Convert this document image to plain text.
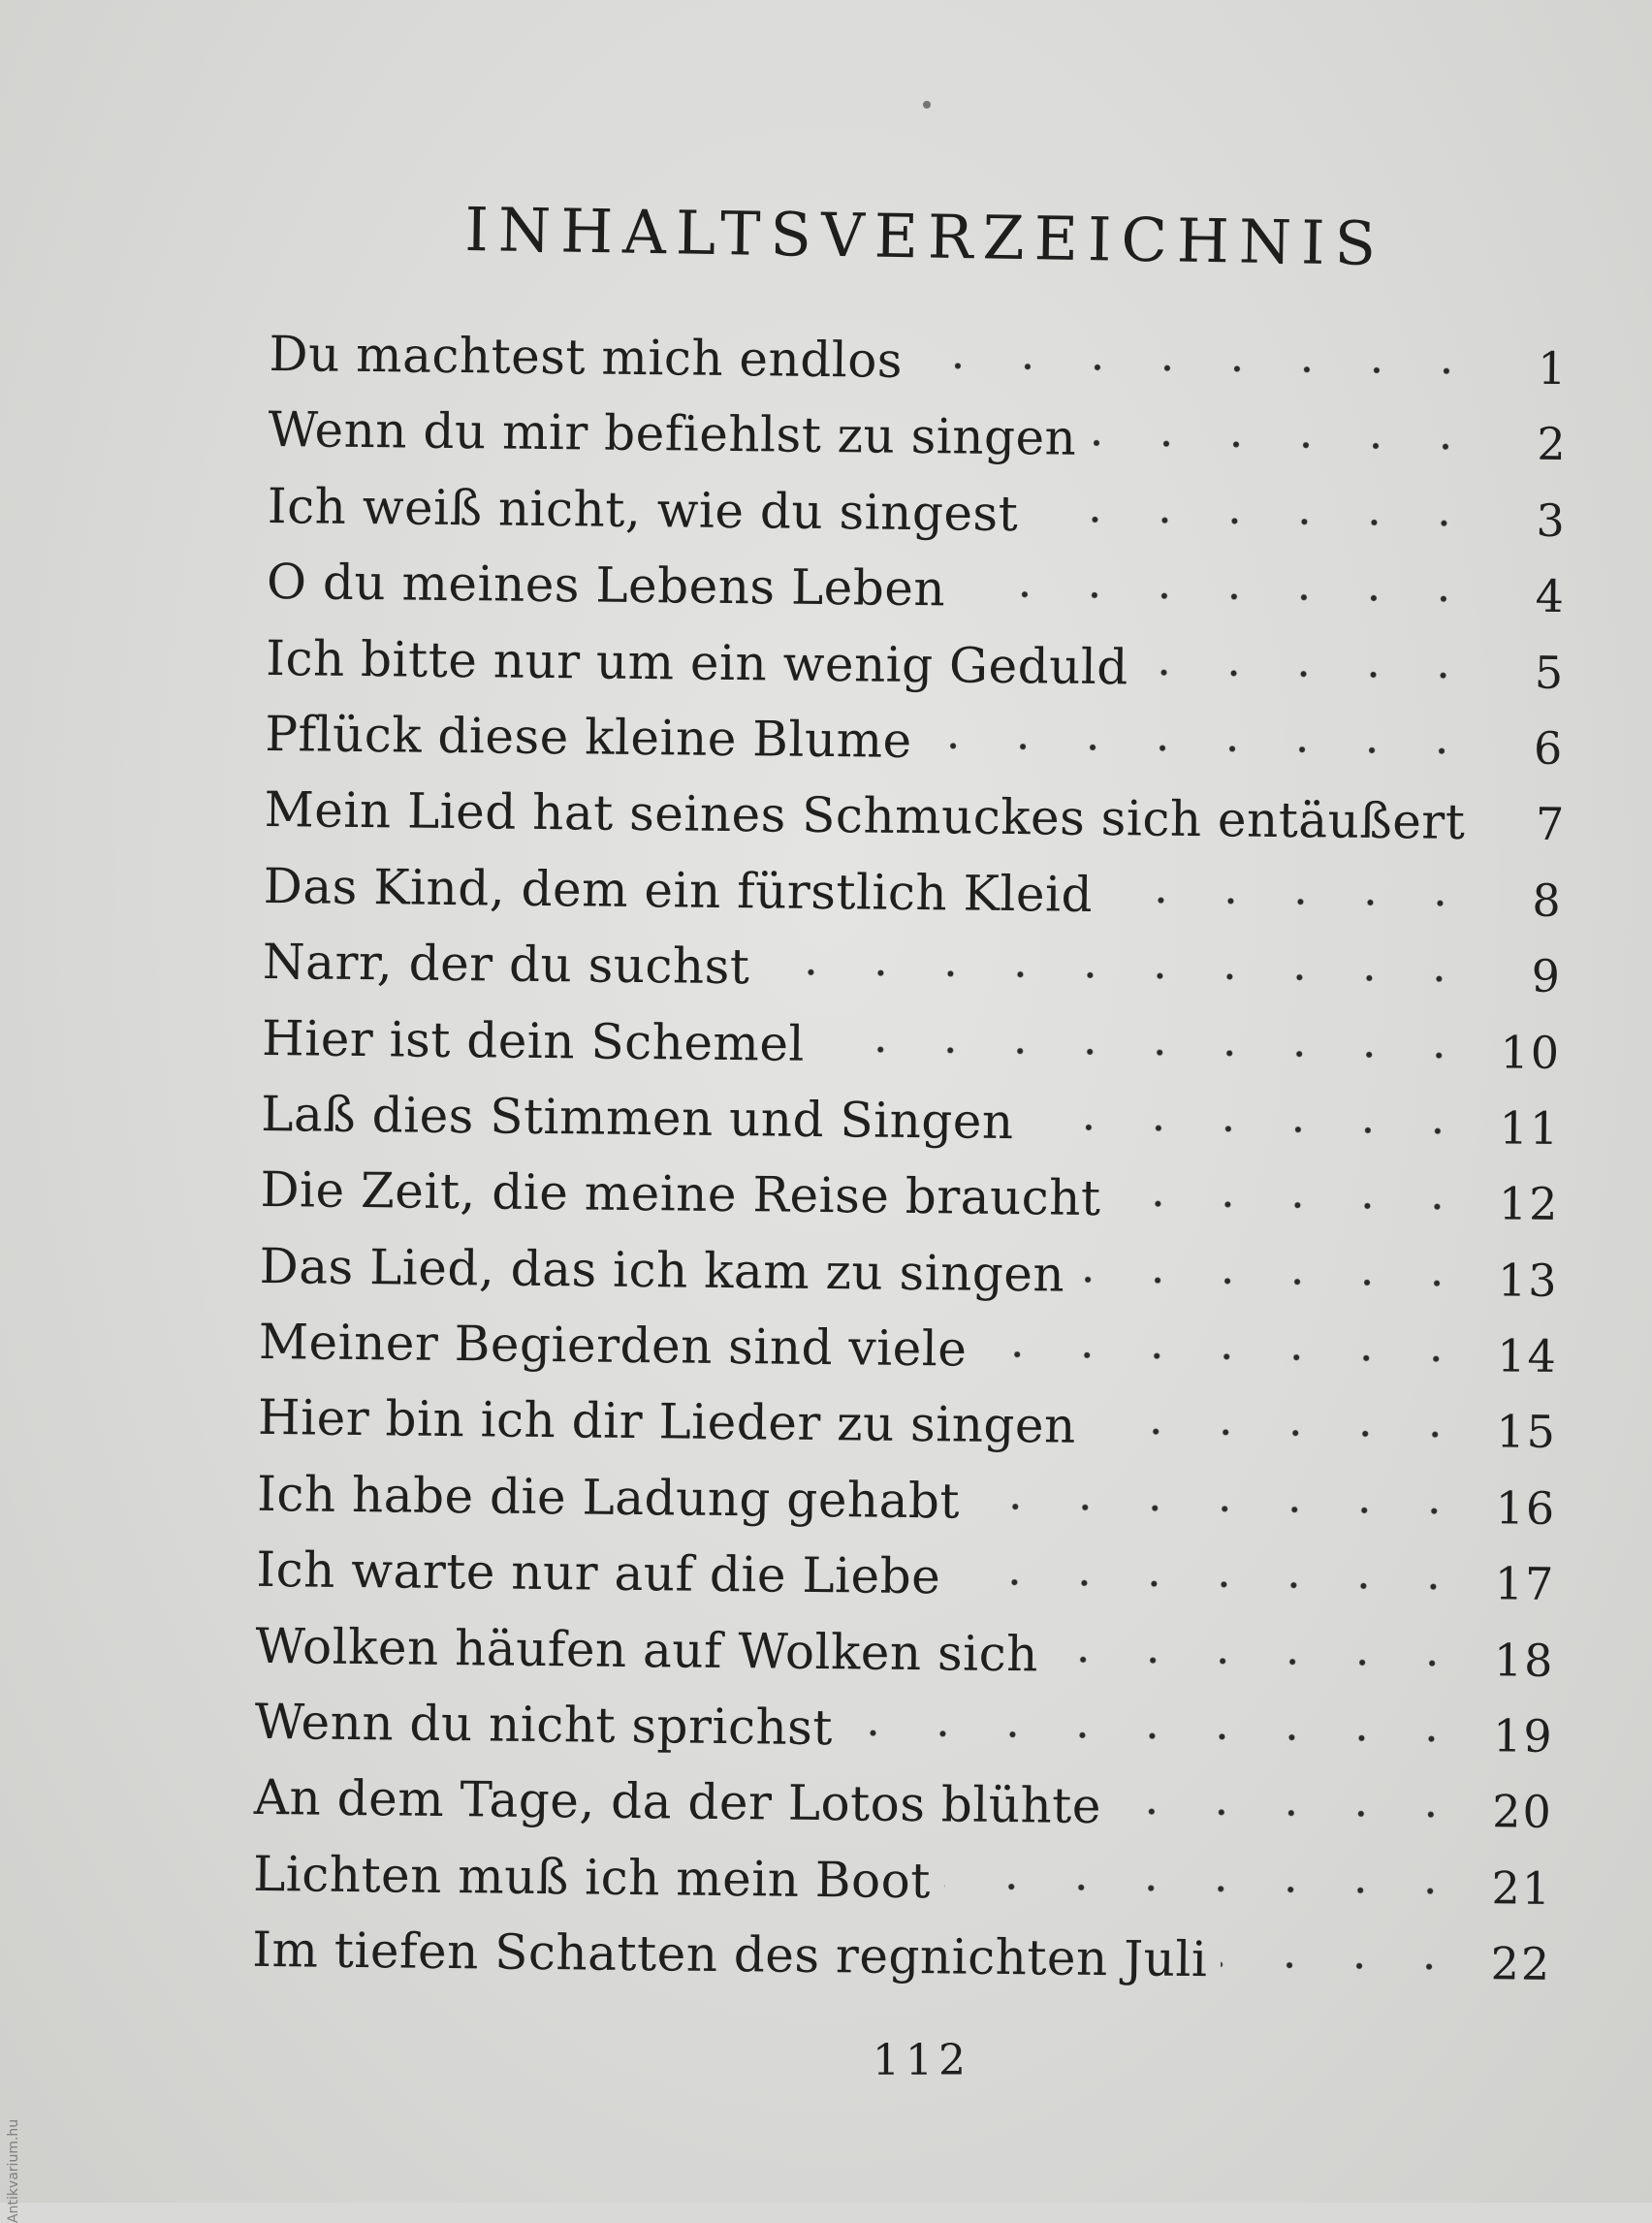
INHALTSVERZEICHNIS
Du machtest mich endlos	1
Wenn du mir befiehlst zu singen	2
Ich weiß nicht, wie du singest	3
O du meines Lebens Leben	4
Ich bitte nur um ein wenig Geduld	5
Pflück diese kleine Blume	6
Mein Lied hat seines Schmuckes sich entäußert	7
Das Kind, dem ein fürstlich Kleid	8
Narr, der du suchst	9
Hier ist dein Schemel	10
Laß dies Stimmen und Singen	11
Die Zeit, die meine Reise braucht	12
Das Lied, das ich kam zu singen	13
Meiner Begierden sind viele	14
Hier bin ich dir Lieder zu singen	15
Ich habe die Ladung gehabt	16
Ich warte nur auf die Liebe	17
Wolken häufen auf Wolken sich	18
Wenn du nicht sprichst	19
An dem Tage, da der Lotos blühte	20
Lichten muß ich mein Boot	21
Im tiefen Schatten des regnichten Juli	22
112
Antikvarium.hu
